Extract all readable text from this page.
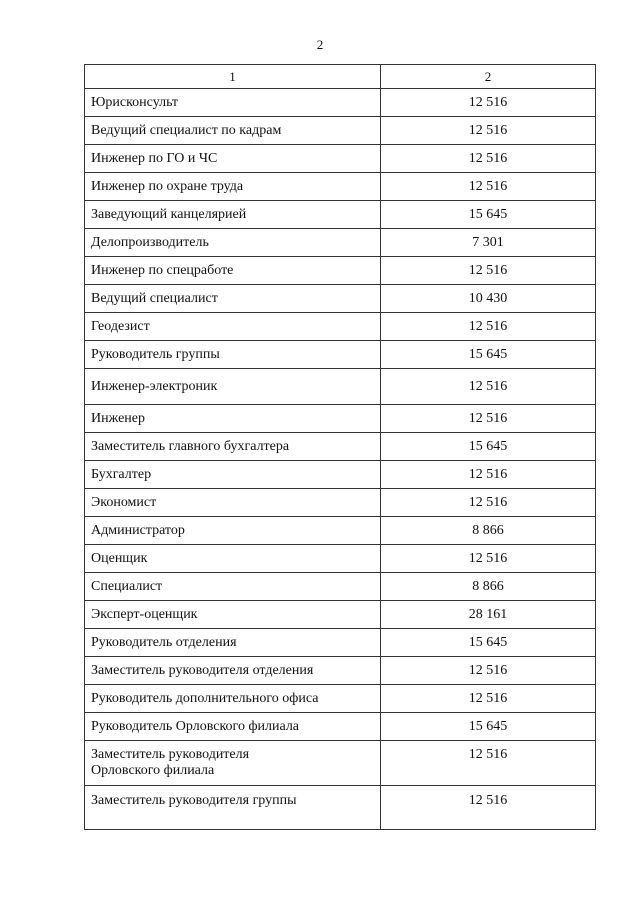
2
1	2
Юрисконсульт	12 516
Ведущий специалист по кадрам	12 516
Инженер по ГО и ЧС	12 516
Инженер по охране труда	12 516
Заведующий канцелярией	15 645
Делопроизводитель	7 301
Инженер по спецработе	12 516
Ведущий специалист	10 430
Геодезист	12 516
Руководитель группы	15 645
Инженер-электроник	12 516
Инженер	12 516
Заместитель главного бухгалтера	15 645
Бухгалтер	12 516
Экономист	12 516
Администратор	8 866
Оценщик	12 516
Специалист	8 866
Эксперт-оценщик	28 161
Руководитель отделения	15 645
Заместитель руководителя отделения	12 516
Руководитель дополнительного офиса	12 516
Руководитель Орловского филиала	15 645

Заместитель руководителя
Орловского филиала	12 516
Заместитель руководителя группы	12 516
